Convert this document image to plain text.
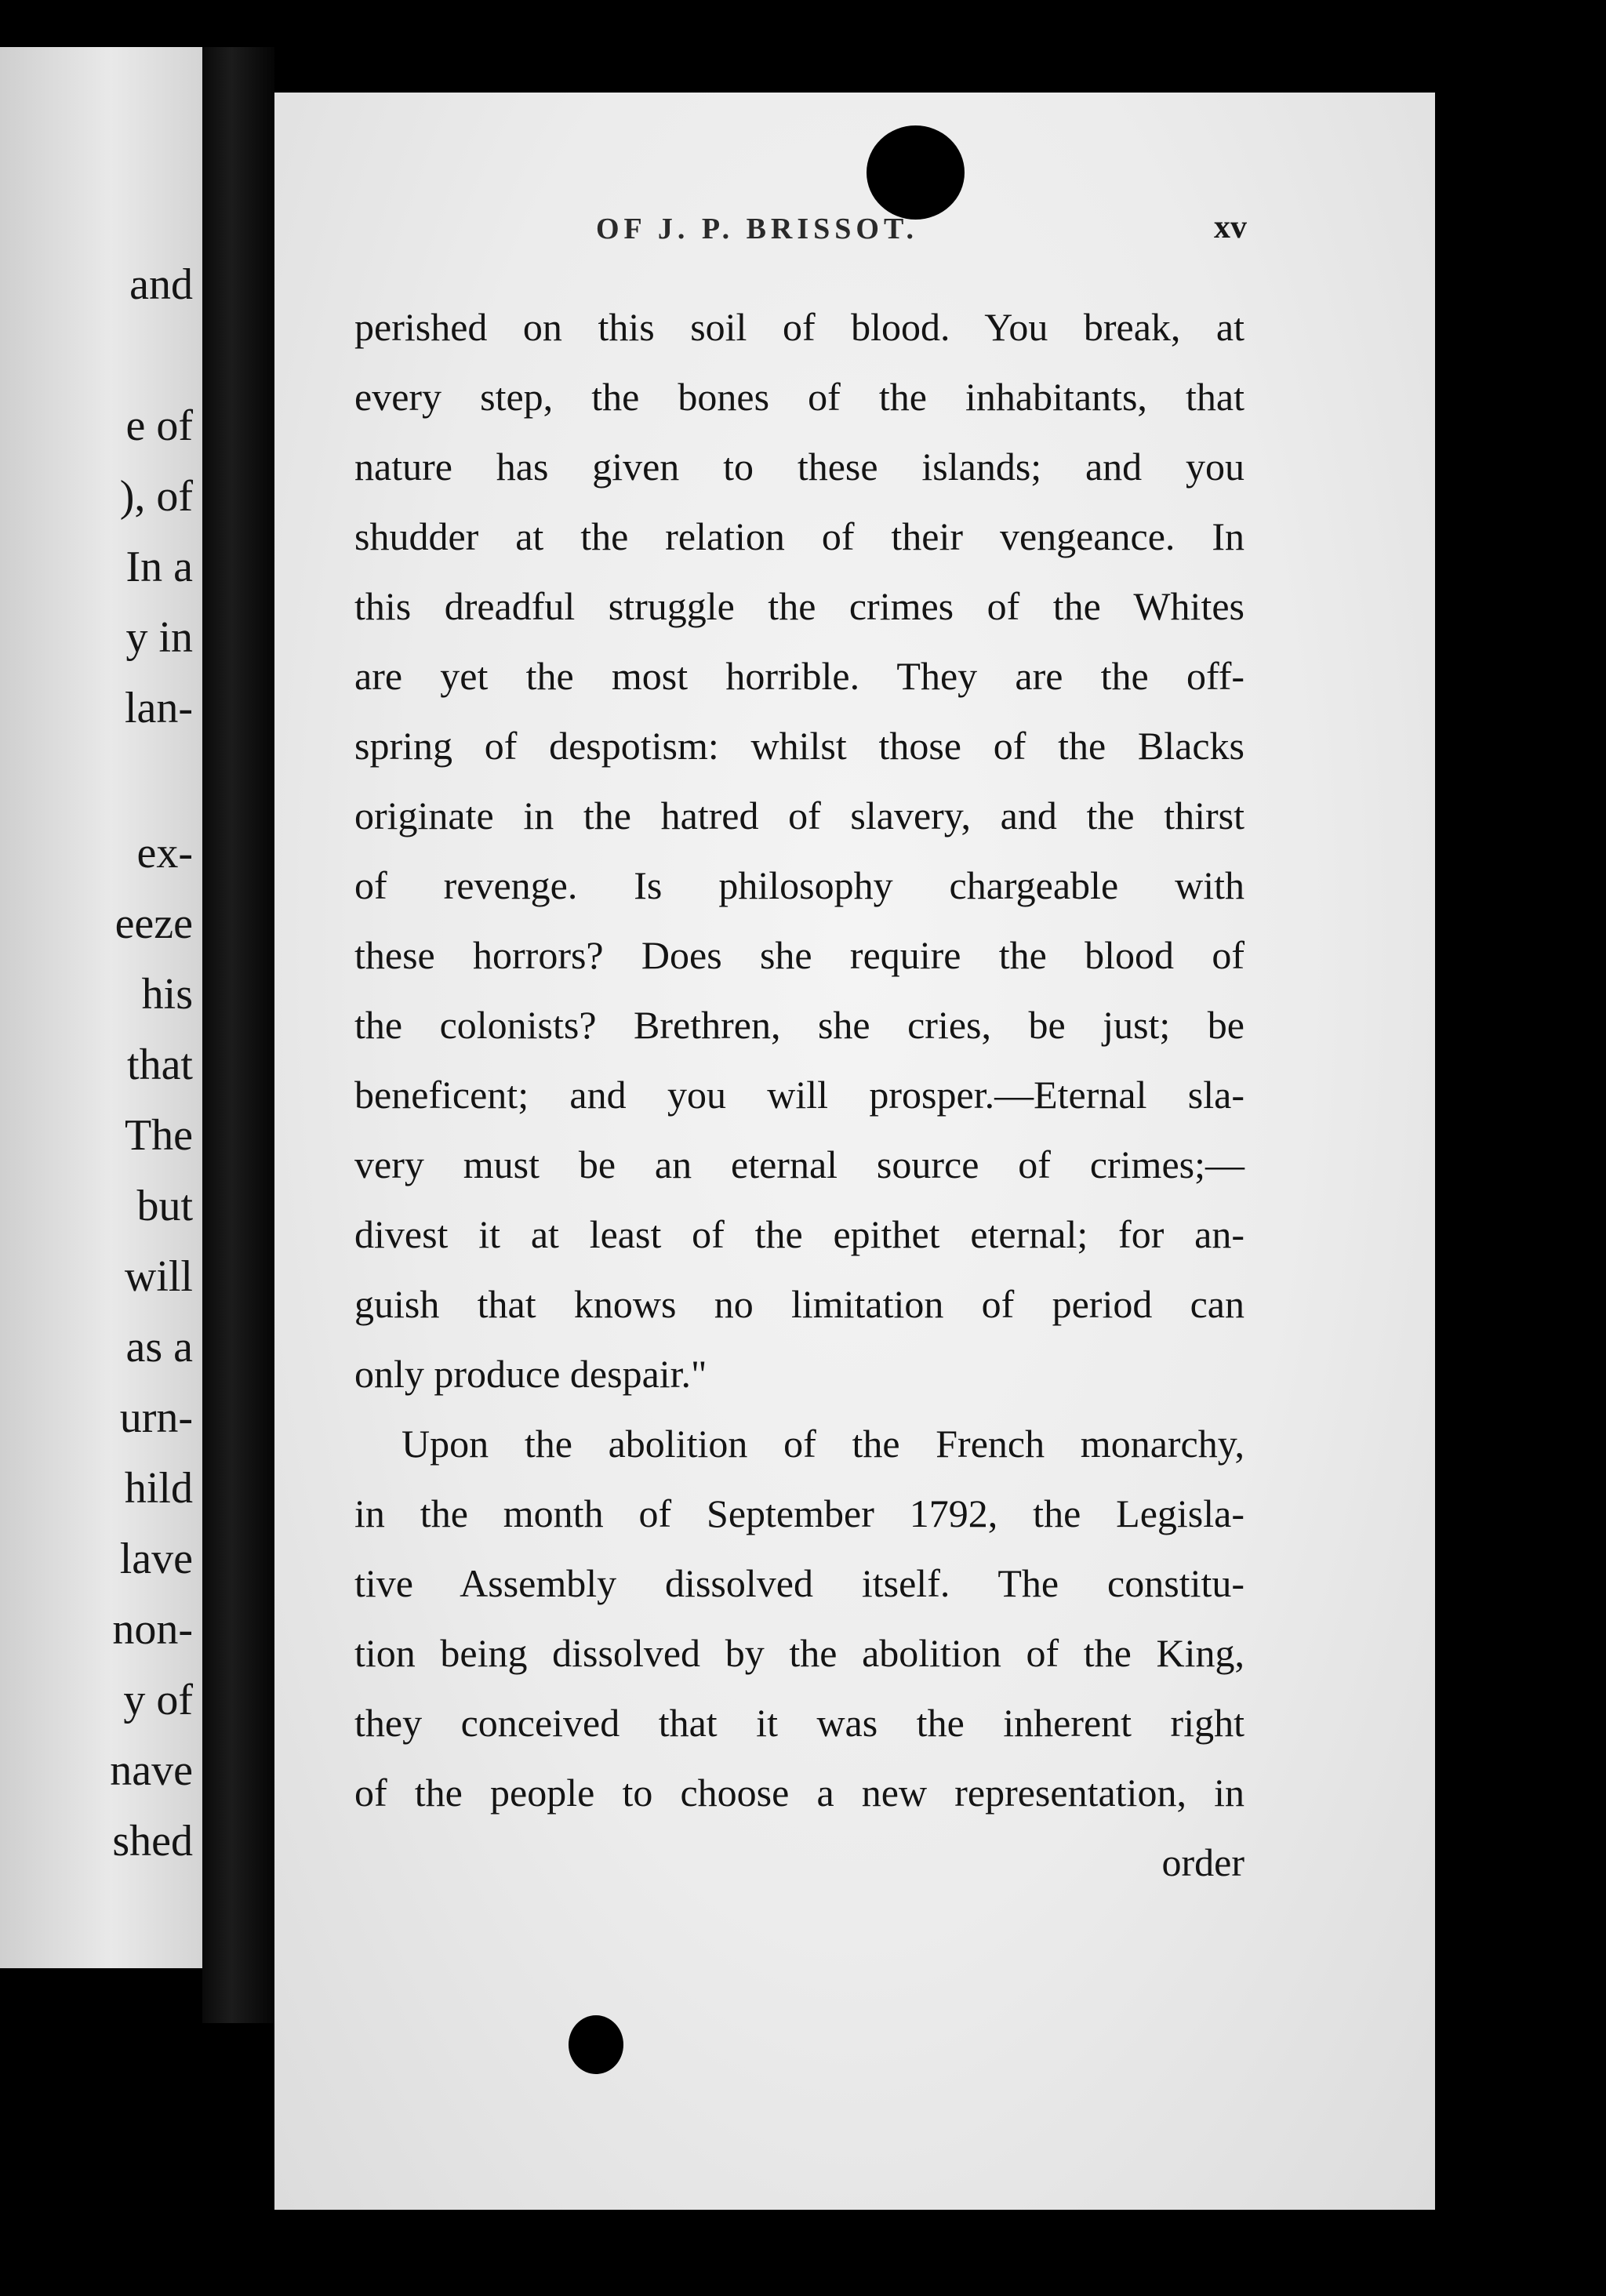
and
e of
), of
In a
y in
lan-
ex-
eeze
his
that
The
but
will
as a
urn-
hild
lave
non-
y of
nave
shed
OF J. P. BRISSOT.	xv
perished on this soil of blood. You break, at
every step, the bones of the inhabitants, that
nature has given to these islands; and you
shudder at the relation of their vengeance. In
this dreadful struggle the crimes of the Whites
are yet the most horrible. They are the off-
spring of despotism: whilst those of the Blacks
originate in the hatred of slavery, and the thirst
of revenge. Is philosophy chargeable with
these horrors? Does she require the blood of
the colonists? Brethren, she cries, be just; be
beneficent; and you will prosper.—Eternal sla-
very must be an eternal source of crimes;—
divest it at least of the epithet eternal; for an-
guish that knows no limitation of period can
only produce despair."
Upon the abolition of the French monarchy,
in the month of September 1792, the Legisla-
tive Assembly dissolved itself. The constitu-
tion being dissolved by the abolition of the King,
they conceived that it was the inherent right
of the people to choose a new representation, in
order
